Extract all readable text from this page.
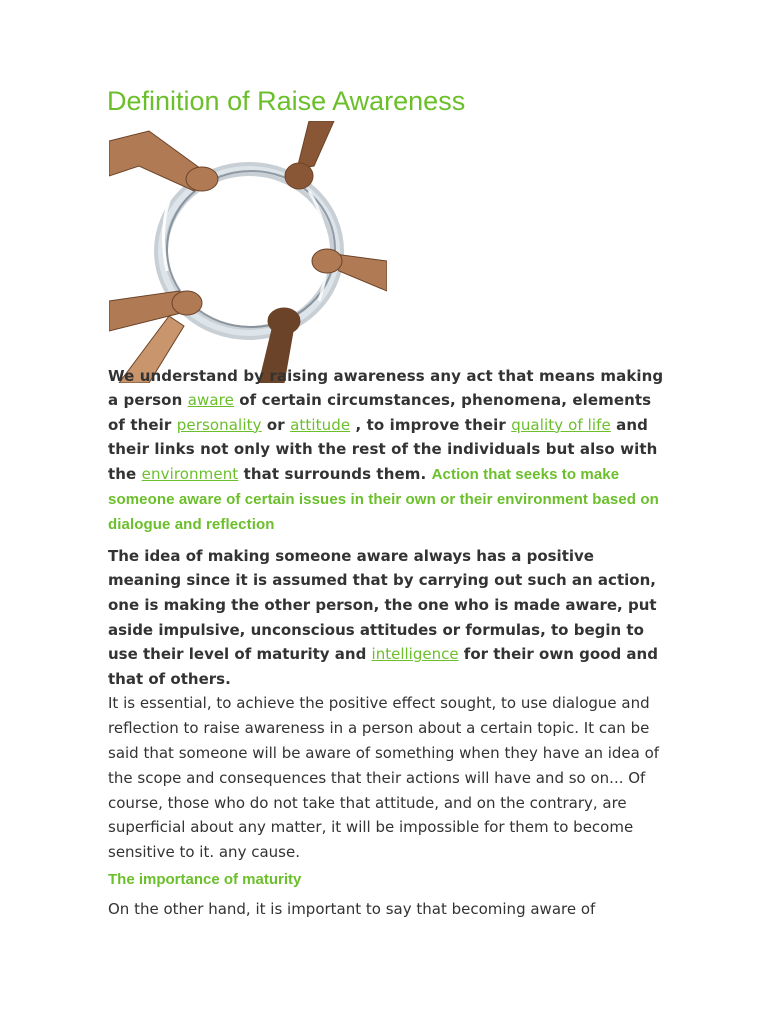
Definition of Raise Awareness

We understand by raising awareness any act that means making a person aware of certain circumstances, phenomena, elements of their personality or attitude , to improve their quality of life and their links not only with the rest of the individuals but also with the environment that surrounds them. Action that seeks to make someone aware of certain issues in their own or their environment based on dialogue and reflection

The idea of making someone aware always has a positive meaning since it is assumed that by carrying out such an action, one is making the other person, the one who is made aware, put aside impulsive, unconscious attitudes or formulas, to begin to use their level of maturity and intelligence for their own good and that of others.

It is essential, to achieve the positive effect sought, to use dialogue and reflection to raise awareness in a person about a certain topic. It can be said that someone will be aware of something when they have an idea of the scope and consequences that their actions will have and so on... Of course, those who do not take that attitude, and on the contrary, are superficial about any matter, it will be impossible for them to become sensitive to it. any cause.

The importance of maturity

On the other hand, it is important to say that becoming aware of
